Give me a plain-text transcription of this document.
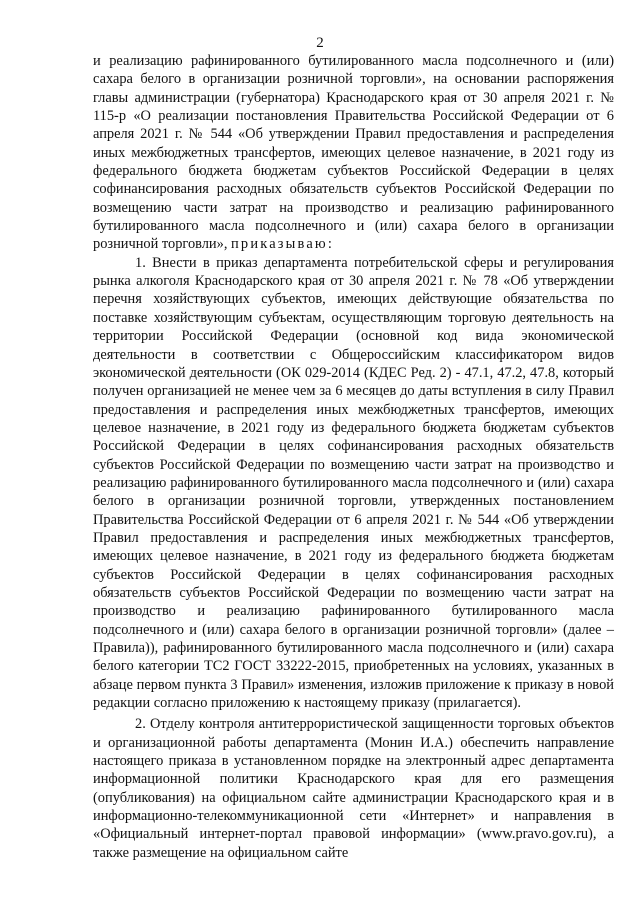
2

и реализацию рафинированного бутилированного масла подсолнечного и (или) сахара белого в организации розничной торговли», на основании распоряжения главы администрации (губернатора) Краснодарского края от 30 апреля 2021 г. № 115-р «О реализации постановления Правительства Российской Федерации от 6 апреля 2021 г. № 544 «Об утверждении Правил предоставления и распределения иных межбюджетных трансфертов, имеющих целевое назначение, в 2021 году из федерального бюджета бюджетам субъектов Российской Федерации в целях софинансирования расходных обязательств субъектов Российской Федерации по возмещению части затрат на производство и реализацию рафинированного бутилированного масла подсолнечного и (или) сахара белого в организации розничной торговли», приказываю:

1. Внести в приказ департамента потребительской сферы и регулирования рынка алкоголя Краснодарского края от 30 апреля 2021 г. № 78 «Об утверждении перечня хозяйствующих субъектов, имеющих действующие обязательства по поставке хозяйствующим субъектам, осуществляющим торговую деятельность на территории Российской Федерации (основной код вида экономической деятельности в соответствии с Общероссийским классификатором видов экономической деятельности (ОК 029-2014 (КДЕС Ред. 2) - 47.1, 47.2, 47.8, который получен организацией не менее чем за 6 месяцев до даты вступления в силу Правил предоставления и распределения иных межбюджетных трансфертов, имеющих целевое назначение, в 2021 году из федерального бюджета бюджетам субъектов Российской Федерации в целях софинансирования расходных обязательств субъектов Российской Федерации по возмещению части затрат на производство и реализацию рафинированного бутилированного масла подсолнечного и (или) сахара белого в организации розничной торговли, утвержденных постановлением Правительства Российской Федерации от 6 апреля 2021 г. № 544 «Об утверждении Правил предоставления и распределения иных межбюджетных трансфертов, имеющих целевое назначение, в 2021 году из федерального бюджета бюджетам субъектов Российской Федерации в целях софинансирования расходных обязательств субъектов Российской Федерации по возмещению части затрат на производство и реализацию рафинированного бутилированного масла подсолнечного и (или) сахара белого в организации розничной торговли» (далее – Правила)), рафинированного бутилированного масла подсолнечного и (или) сахара белого категории ТС2 ГОСТ 33222-2015, приобретенных на условиях, указанных в абзаце первом пункта 3 Правил» изменения, изложив приложение к приказу в новой редакции согласно приложению к настоящему приказу (прилагается).

2. Отделу контроля антитеррористической защищенности торговых объектов и организационной работы департамента (Монин И.А.) обеспечить направление настоящего приказа в установленном порядке на электронный адрес департамента информационной политики Краснодарского края для его размещения (опубликования) на официальном сайте администрации Краснодарского края и в информационно-телекоммуникационной сети «Интернет» и направления в «Официальный интернет-портал правовой информации» (www.pravo.gov.ru), а также размещение на официальном сайте
